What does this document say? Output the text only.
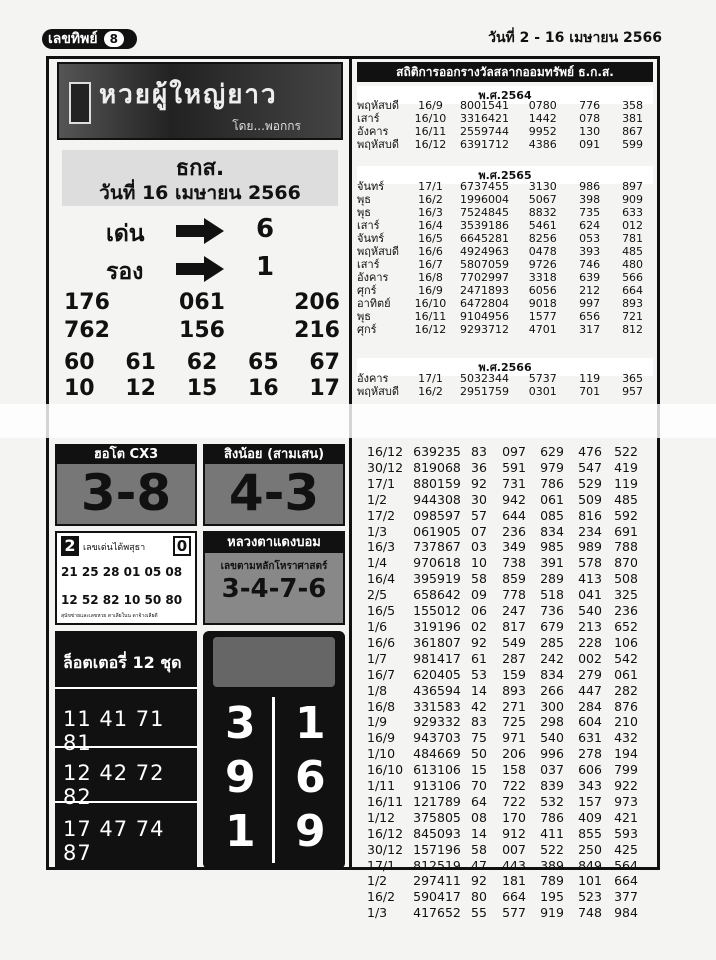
เลขทิพย์ 8	วันที่ 2 - 16 เมษายน 2566
หวยผู้ใหญ่ยาว
โดย...พอกกร
ธกส.
วันที่ 16 เมษายน 2566
เด่น	6
รอง	1
176	061	206
762	156	216
60 61 62 65 67
10 12 15 16 17
สถิติการออกรางวัลสลากออมทรัพย์ ธ.ก.ส.
พ.ศ.2564
พฤหัสบดี	16/9	8001541	0780	776	358
เสาร์	16/10	3316421	1442	078	381
อังคาร	16/11	2559744	9952	130	867
พฤหัสบดี	16/12	6391712	4386	091	599
พ.ศ.2565
จันทร์	17/1	6737455	3130	986	897
พุธ	16/2	1996004	5067	398	909
พุธ	16/3	7524845	8832	735	633
เสาร์	16/4	3539186	5461	624	012
จันทร์	16/5	6645281	8256	053	781
พฤหัสบดี	16/6	4924963	0478	393	485
เสาร์	16/7	5807059	9726	746	480
อังคาร	16/8	7702997	3318	639	566
ศุกร์	16/9	2471893	6056	212	664
อาทิตย์	16/10	6472804	9018	997	893
พุธ	16/11	9104956	1577	656	721
ศุกร์	16/12	9293712	4701	317	812
พ.ศ.2566
อังคาร	17/1	5032344	5737	119	365
พฤหัสบดี	16/2	2951759	0301	701	957
ฮอโต CX3
3-8
สิงน้อย (สามเสน)
4-3
2 เลขเด่นได้พสุธา 0
21 25 28 01 05 08
12 52 82 10 50 80
สุนัขข่ายและเลขหวย ดาเลียในน ดาจ้างเลียดี
หลวงตาแดงบอม
เลขตามหลักโหราศาสตร์
3-4-7-6
ล็อตเตอรี่ 12 ชุด
11 41 71 81
12 42 72 82
17 47 74 87
3
9
1
1
6
9
16/12	639235	83	097	629	476	522
30/12	819068	36	591	979	547	419
17/1	880159	92	731	786	529	119
1/2	944308	30	942	061	509	485
17/2	098597	57	644	085	816	592
1/3	061905	07	236	834	234	691
16/3	737867	03	349	985	989	788
1/4	970618	10	738	391	578	870
16/4	395919	58	859	289	413	508
2/5	658642	09	778	518	041	325
16/5	155012	06	247	736	540	236
1/6	319196	02	817	679	213	652
16/6	361807	92	549	285	228	106
1/7	981417	61	287	242	002	542
16/7	620405	53	159	834	279	061
1/8	436594	14	893	266	447	282
16/8	331583	42	271	300	284	876
1/9	929332	83	725	298	604	210
16/9	943703	75	971	540	631	432
1/10	484669	50	206	996	278	194
16/10	613106	15	158	037	606	799
1/11	913106	70	722	839	343	922
16/11	121789	64	722	532	157	973
1/12	375805	08	170	786	409	421
16/12	845093	14	912	411	855	593
30/12	157196	58	007	522	250	425
17/1	812519	47	443	389	849	564
1/2	297411	92	181	789	101	664
16/2	590417	80	664	195	523	377
1/3	417652	55	577	919	748	984
